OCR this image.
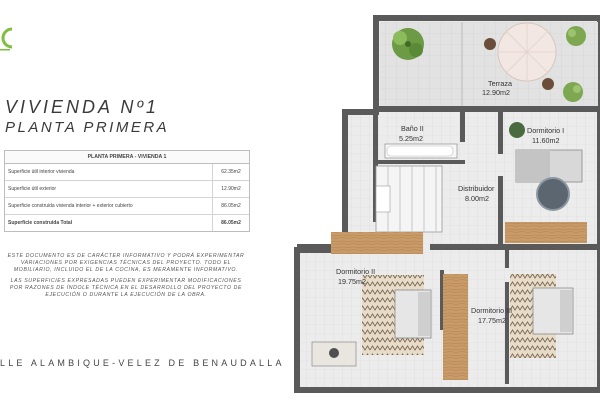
VIVIENDA Nº1
PLANTA PRIMERA
PLANTA PRIMERA - VIVIENDA 1
Superficie útil interior vivienda	62.35m2
Superficie útil exterior	12.90m2
Superficie construida vivienda interior + exterior cubierto	86.05m2
Superficie construida Total	86.05m2
ESTE DOCUMENTO ES DE CARÁCTER INFORMATIVO Y PODRÁ EXPERIMENTAR VARIACIONES POR EXIGENCIAS TÉCNICAS DEL PROYECTO. TODO EL MOBILIARIO, INCLUIDO EL DE LA COCINA, ES MERAMENTE INFORMATIVO.
LAS SUPERFICIES EXPRESADAS PUEDEN EXPERIMENTAR MODIFICACIONES POR RAZONES DE ÍNDOLE TÉCNICA EN EL DESARROLLO DEL PROYECTO DE EJECUCIÓN O DURANTE LA EJECUCIÓN DE LA OBRA.
LLE ALAMBIQUE-VELEZ DE BENAUDALLA
Terraza
12.90m2
Baño II
5.25m2
Dormitorio I
11.60m2
Distribuidor
8.00m2
Dormitorio II
19.75m2
Dormitorio III
17.75m2
